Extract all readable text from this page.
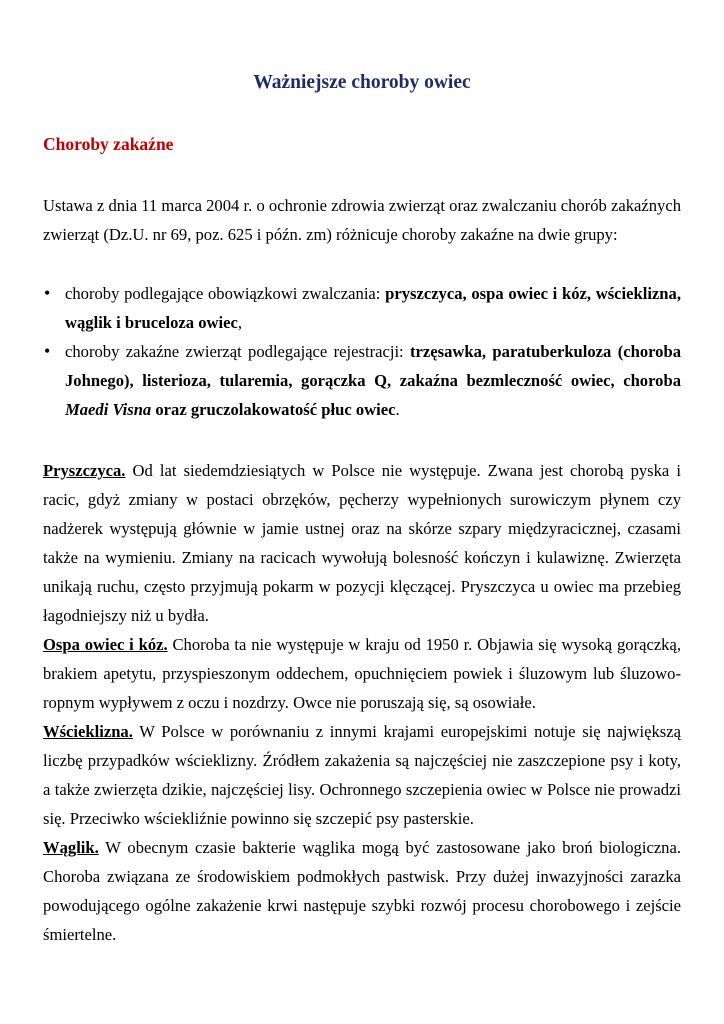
Ważniejsze choroby owiec
Choroby zakaźne

Ustawa z dnia 11 marca 2004 r. o ochronie zdrowia zwierząt oraz zwalczaniu chorób zakaźnych zwierząt (Dz.U. nr 69, poz. 625 i późn. zm) różnicuje choroby zakaźne na dwie grupy:

• choroby podlegające obowiązkowi zwalczania: pryszczyca, ospa owiec i kóz, wścieklizna, wąglik i bruceloza owiec,
• choroby zakaźne zwierząt podlegające rejestracji: trzęsawka, paratuberkuloza (choroba Johnego), listerioza, tularemia, gorączka Q, zakaźna bezmleczność owiec, choroba Maedi Visna oraz gruczolakowatość płuc owiec.
Pryszczyca. Od lat siedemdziesiątych w Polsce nie występuje. Zwana jest chorobą pyska i racic, gdyż zmiany w postaci obrzęków, pęcherzy wypełnionych surowiczym płynem czy nadżerek występują głównie w jamie ustnej oraz na skórze szpary międzyracicznej, czasami także na wymieniu. Zmiany na racicach wywołują bolesność kończyn i kulawiznę. Zwierzęta unikają ruchu, często przyjmują pokarm w pozycji klęczącej. Pryszczyca u owiec ma przebieg łagodniejszy niż u bydła.
Ospa owiec i kóz. Choroba ta nie występuje w kraju od 1950 r. Objawia się wysoką gorączką, brakiem apetytu, przyspieszonym oddechem, opuchnięciem powiek i śluzowym lub śluzowo-ropnym wypływem z oczu i nozdrzy. Owce nie poruszają się, są osowiałe.
Wścieklizna. W Polsce w porównaniu z innymi krajami europejskimi notuje się największą liczbę przypadków wścieklizny. Źródłem zakażenia są najczęściej nie zaszczepione psy i koty, a także zwierzęta dzikie, najczęściej lisy. Ochronnego szczepienia owiec w Polsce nie prowadzi się. Przeciwko wściekliźnie powinno się szczepić psy pasterskie.
Wąglik. W obecnym czasie bakterie wąglika mogą być zastosowane jako broń biologiczna. Choroba związana ze środowiskiem podmokłych pastwisk. Przy dużej inwazyjności zarazka powodującego ogólne zakażenie krwi następuje szybki rozwój procesu chorobowego i zejście śmiertelne.
